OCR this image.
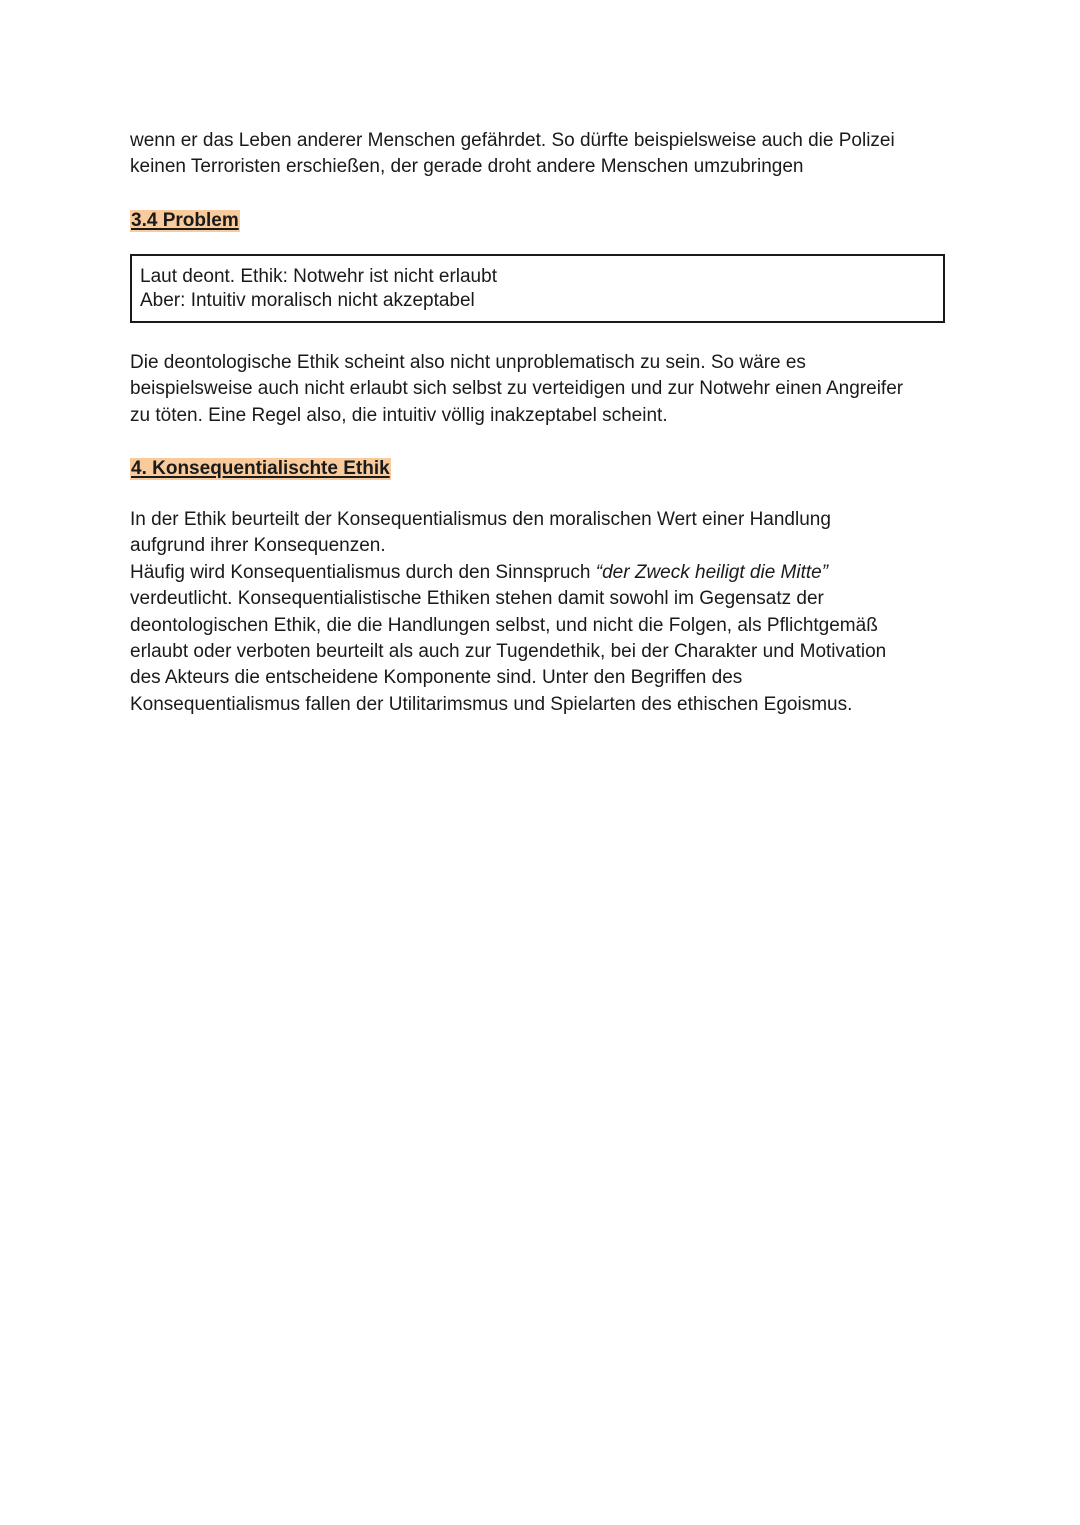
wenn er das Leben anderer Menschen gefährdet. So dürfte beispielsweise auch die Polizei
keinen Terroristen erschießen, der gerade droht andere Menschen umzubringen

3.4 Problem

Laut deont. Ethik: Notwehr ist nicht erlaubt
Aber: Intuitiv moralisch nicht akzeptabel

Die deontologische Ethik scheint also nicht unproblematisch zu sein. So wäre es
beispielsweise auch nicht erlaubt sich selbst zu verteidigen und zur Notwehr einen Angreifer
zu töten. Eine Regel also, die intuitiv völlig inakzeptabel scheint.

4. Konsequentialischte Ethik

In der Ethik beurteilt der Konsequentialismus den moralischen Wert einer Handlung
aufgrund ihrer Konsequenzen.
Häufig wird Konsequentialismus durch den Sinnspruch “der Zweck heiligt die Mitte”
verdeutlicht. Konsequentialistische Ethiken stehen damit sowohl im Gegensatz der
deontologischen Ethik, die die Handlungen selbst, und nicht die Folgen, als Pflichtgemäß
erlaubt oder verboten beurteilt als auch zur Tugendethik, bei der Charakter und Motivation
des Akteurs die entscheidene Komponente sind. Unter den Begriffen des
Konsequentialismus fallen der Utilitarimsmus und Spielarten des ethischen Egoismus.
